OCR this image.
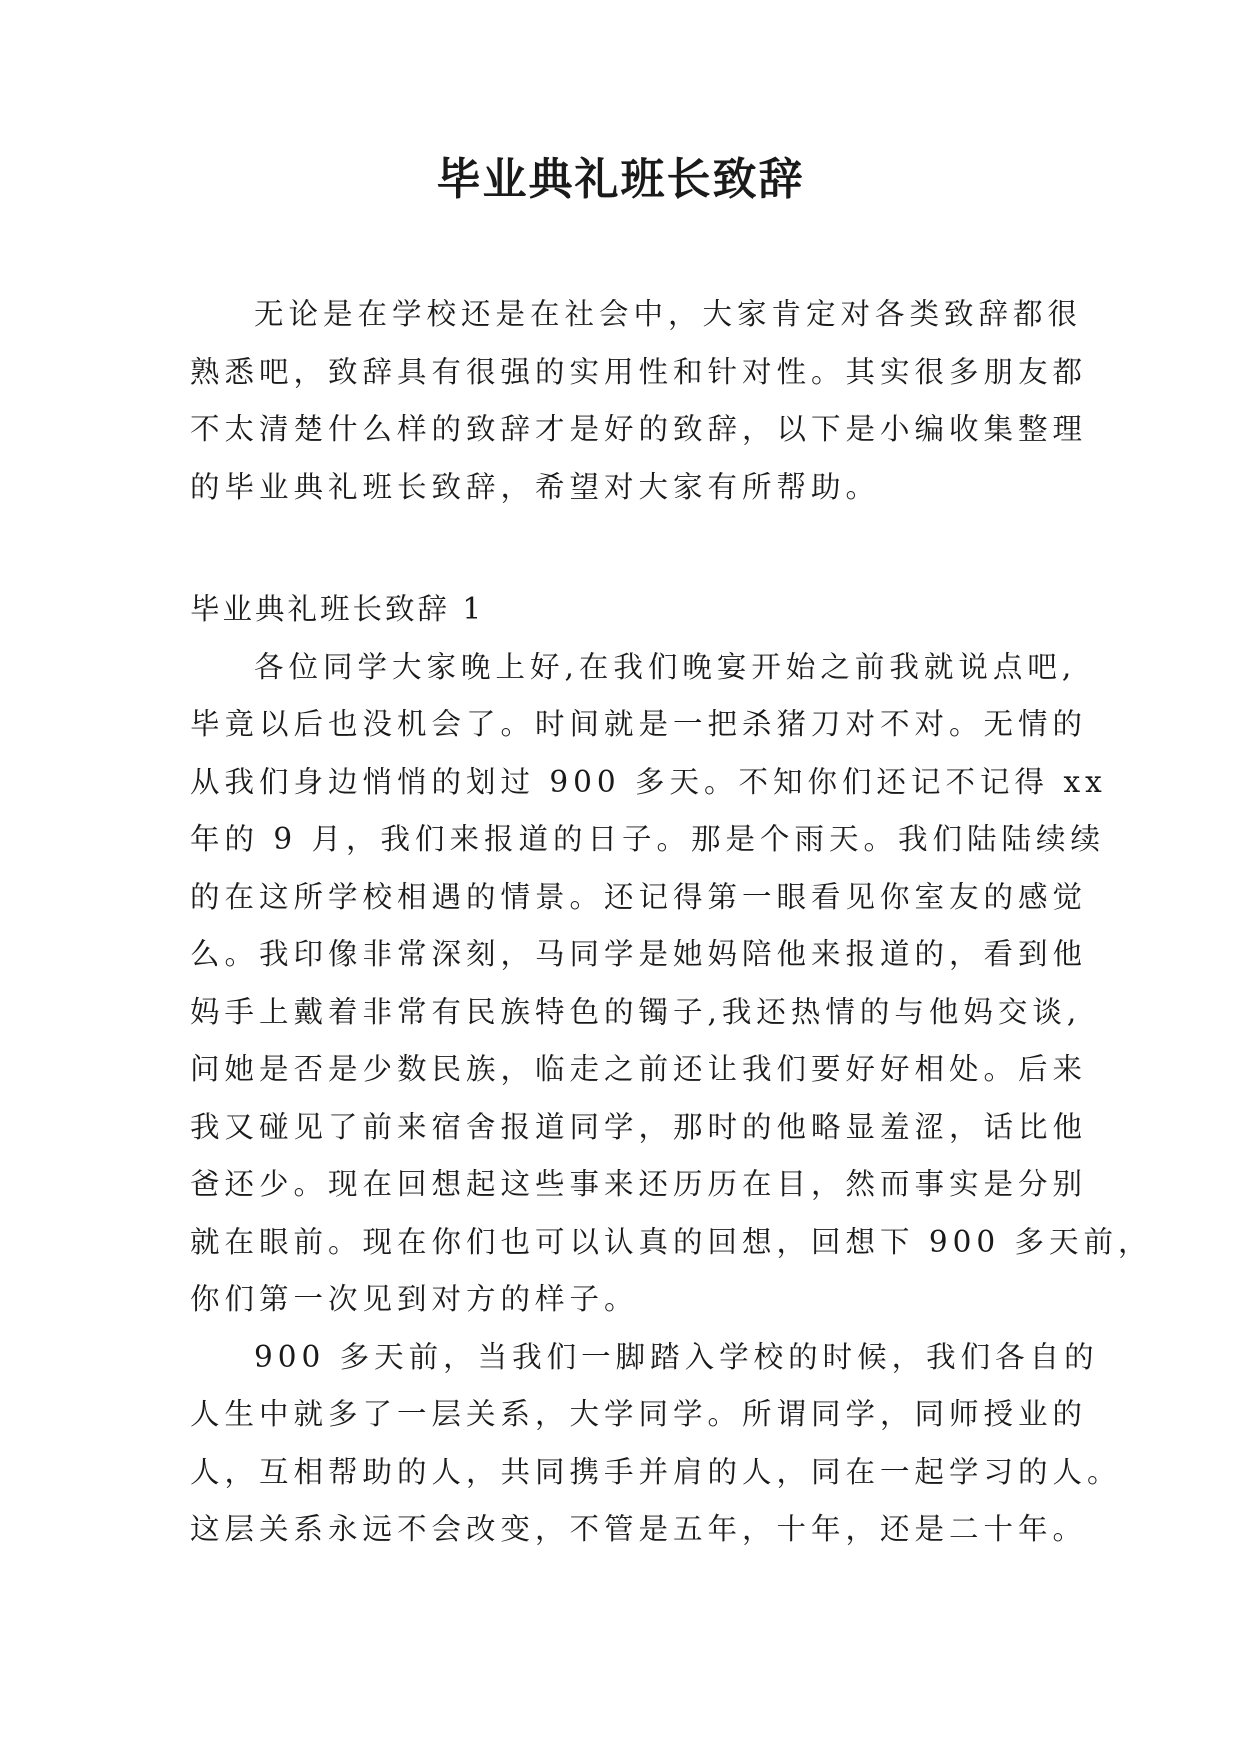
毕业典礼班长致辞
无论是在学校还是在社会中，大家肯定对各类致辞都很
熟悉吧，致辞具有很强的实用性和针对性。其实很多朋友都
不太清楚什么样的致辞才是好的致辞，以下是小编收集整理
的毕业典礼班长致辞，希望对大家有所帮助。
毕业典礼班长致辞 1
各位同学大家晚上好,在我们晚宴开始之前我就说点吧,
毕竟以后也没机会了。时间就是一把杀猪刀对不对。无情的
从我们身边悄悄的划过 900 多天。不知你们还记不记得 xx
年的 9 月，我们来报道的日子。那是个雨天。我们陆陆续续
的在这所学校相遇的情景。还记得第一眼看见你室友的感觉
么。我印像非常深刻，马同学是她妈陪他来报道的，看到他
妈手上戴着非常有民族特色的镯子,我还热情的与他妈交谈,
问她是否是少数民族，临走之前还让我们要好好相处。后来
我又碰见了前来宿舍报道同学，那时的他略显羞涩，话比他
爸还少。现在回想起这些事来还历历在目，然而事实是分别
就在眼前。现在你们也可以认真的回想，回想下 900 多天前，
你们第一次见到对方的样子。
900 多天前，当我们一脚踏入学校的时候，我们各自的
人生中就多了一层关系，大学同学。所谓同学，同师授业的
人，互相帮助的人，共同携手并肩的人，同在一起学习的人。
这层关系永远不会改变，不管是五年，十年，还是二十年。
